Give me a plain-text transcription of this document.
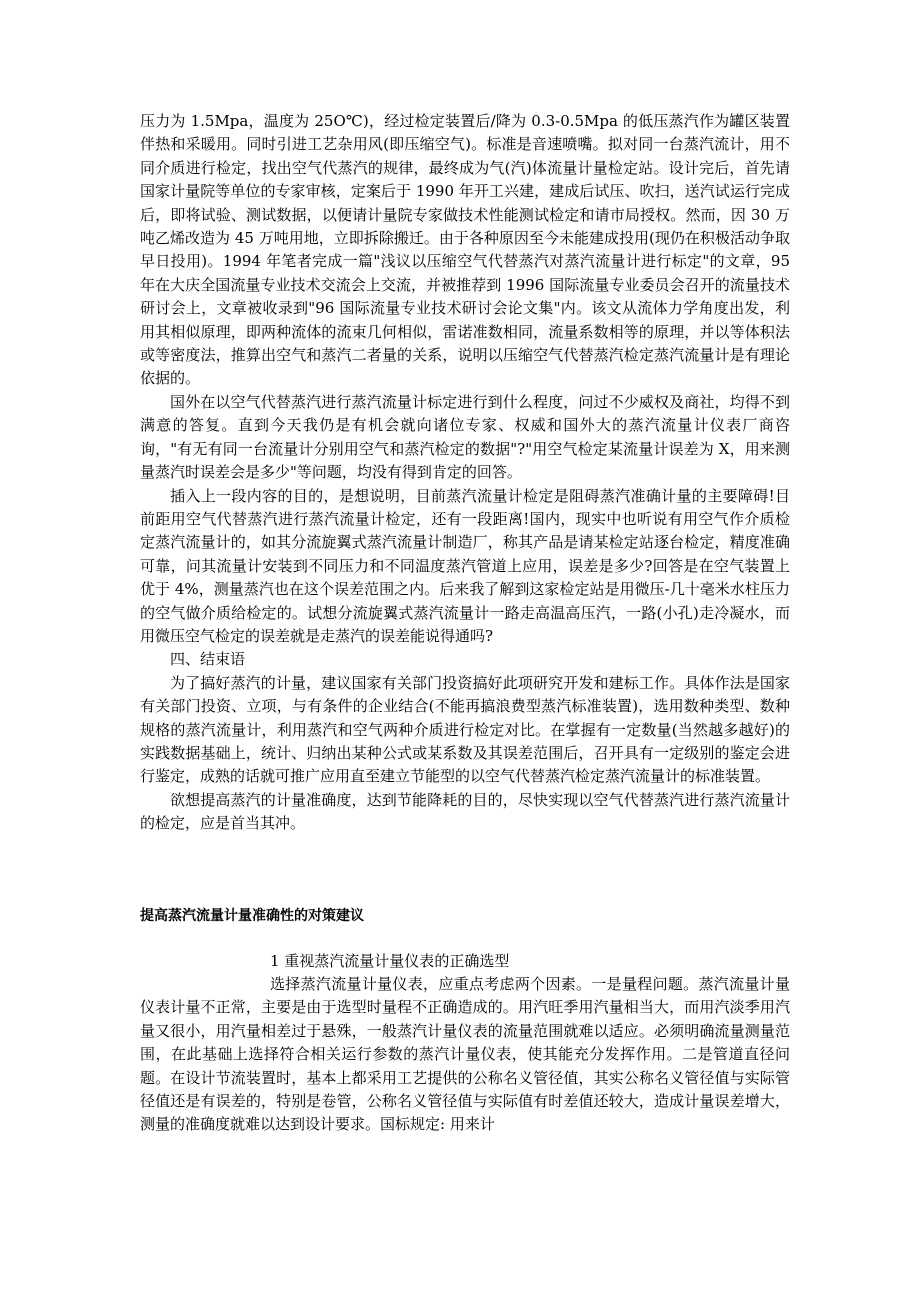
压力为 1.5Mpa，温度为 25O℃)，经过检定装置后/降为 0.3-0.5Mpa 的低压蒸汽作为罐区装置伴热和采暖用。同时引进工艺杂用风(即压缩空气)。标准是音速喷嘴。拟对同一台蒸汽流计，用不同介质进行检定，找出空气代蒸汽的规律，最终成为气(汽)体流量计量检定站。设计完后，首先请国家计量院等单位的专家审核，定案后于 1990 年开工兴建，建成后试压、吹扫，送汽试运行完成后，即将试验、测试数据，以便请计量院专家做技术性能测试检定和请市局授权。然而，因 30 万吨乙烯改造为 45 万吨用地，立即拆除搬迁。由于各种原因至今未能建成投用(现仍在积极活动争取早日投用)。1994 年笔者完成一篇"浅议以压缩空气代替蒸汽对蒸汽流量计进行标定"的文章，95 年在大庆全国流量专业技术交流会上交流，并被推荐到 1996 国际流量专业委员会召开的流量技术研讨会上，文章被收录到"96 国际流量专业技术研讨会论文集"内。该文从流体力学角度出发，利用其相似原理，即两种流体的流束几何相似，雷诺准数相同，流量系数相等的原理，并以等体积法或等密度法，推算出空气和蒸汽二者量的关系，说明以压缩空气代替蒸汽检定蒸汽流量计是有理论依据的。

国外在以空气代替蒸汽进行蒸汽流量计标定进行到什么程度，问过不少威权及商社，均得不到满意的答复。直到今天我仍是有机会就向诸位专家、权威和国外大的蒸汽流量计仪表厂商咨询，"有无有同一台流量计分别用空气和蒸汽检定的数据"?"用空气检定某流量计误差为 X，用来测量蒸汽时误差会是多少"等问题，均没有得到肯定的回答。

插入上一段内容的目的，是想说明，目前蒸汽流量计检定是阻碍蒸汽准确计量的主要障碍!目前距用空气代替蒸汽进行蒸汽流量计检定，还有一段距离!国内，现实中也听说有用空气作介质检定蒸汽流量计的，如其分流旋翼式蒸汽流量计制造厂，称其产品是请某检定站逐台检定，精度准确可靠，问其流量计安装到不同压力和不同温度蒸汽管道上应用，误差是多少?回答是在空气装置上优于 4%，测量蒸汽也在这个误差范围之内。后来我了解到这家检定站是用微压-几十毫米水柱压力的空气做介质给检定的。试想分流旋翼式蒸汽流量计一路走高温高压汽，一路(小孔)走冷凝水，而用微压空气检定的误差就是走蒸汽的误差能说得通吗?

四、结束语

为了搞好蒸汽的计量，建议国家有关部门投资搞好此项研究开发和建标工作。具体作法是国家有关部门投资、立项，与有条件的企业结合(不能再搞浪费型蒸汽标准装置)，选用数种类型、数种规格的蒸汽流量计，利用蒸汽和空气两种介质进行检定对比。在掌握有一定数量(当然越多越好)的实践数据基础上，统计、归纳出某种公式或某系数及其误差范围后，召开具有一定级别的鉴定会进行鉴定，成熟的话就可推广应用直至建立节能型的以空气代替蒸汽检定蒸汽流量计的标准装置。

欲想提高蒸汽的计量准确度，达到节能降耗的目的，尽快实现以空气代替蒸汽进行蒸汽流量计的检定，应是首当其冲。

提高蒸汽流量计量准确性的对策建议

1 重视蒸汽流量计量仪表的正确选型

选择蒸汽流量计量仪表，应重点考虑两个因素。一是量程问题。蒸汽流量计量仪表计量不正常，主要是由于选型时量程不正确造成的。用汽旺季用汽量相当大，而用汽淡季用汽量又很小，用汽量相差过于悬殊，一般蒸汽计量仪表的流量范围就难以适应。必须明确流量测量范围，在此基础上选择符合相关运行参数的蒸汽计量仪表，使其能充分发挥作用。二是管道直径问题。在设计节流装置时，基本上都采用工艺提供的公称名义管径值，其实公称名义管径值与实际管径值还是有误差的，特别是卷管，公称名义管径值与实际值有时差值还较大，造成计量误差增大，测量的准确度就难以达到设计要求。国标规定: 用来计
